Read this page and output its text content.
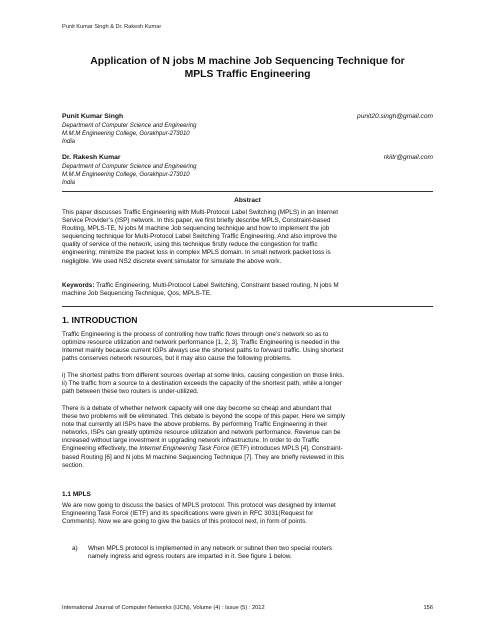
Punit Kumar Singh & Dr. Rakesh Kumar
Application of N jobs M machine Job Sequencing Technique for
MPLS Traffic Engineering
Punit Kumar Singh	punit20.singh@gmail.com
Department of Computer Science and Engineering
M.M.M Engineering College, Gorakhpur-273010
India
Dr. Rakesh Kumar	rkiitr@gmail.com
Department of Computer Science and Engineering
M.M.M Engineering College, Gorakhpur-273010
India
Abstract
This paper discusses Traffic Engineering with Multi-Protocol Label Switching (MPLS) in an Internet
Service Provider’s (ISP) network. In this paper, we first briefly describe MPLS, Constraint-based
Routing, MPLS-TE, N jobs M machine Job sequencing technique and how to implement the job
sequencing technique for Multi-Protocol Label Switching Traffic Engineering. And also improve the
quality of service of the network, using this technique firstly reduce the congestion for traffic
engineering; minimize the packet loss in complex MPLS domain. In small network packet loss is
negligible. We used NS2 discrete event simulator for simulate the above work.
Keywords: Traffic Engineering, Multi-Protocol Label Switching, Constraint based routing, N jobs M
machine Job Sequencing Technique, Qos, MPLS-TE.
1. INTRODUCTION
Traffic Engineering is the process of controlling how traffic flows through one’s network so as to
optimize resource utilization and network performance [1, 2, 3]. Traffic Engineering is needed in the
Internet mainly because current IGPs always use the shortest paths to forward traffic. Using shortest
paths conserves network resources, but it may also cause the following problems.
i) The shortest paths from different sources overlap at some links, causing congestion on those links.
ii) The traffic from a source to a destination exceeds the capacity of the shortest path, while a longer
path between these two routers is under-utilized.
There is a debate of whether network capacity will one day become so cheap and abundant that
these two problems will be eliminated. This debate is beyond the scope of this paper. Here we simply
note that currently all ISPs have the above problems. By performing Traffic Engineering in their
networks, ISPs can greatly optimize resource utilization and network performance. Revenue can be
increased without large investment in upgrading network infrastructure. In order to do Traffic
Engineering effectively, the Internet Engineering Task Force (IETF) introduces MPLS [4], Constraint-
based Routing [6] and N jobs M machine Sequencing Technique [7]. They are briefly reviewed in this
section.
1.1 MPLS
We are now going to discuss the basics of MPLS protocol. This protocol was designed by Internet
Engineering Task Force (IETF) and its specifications were given in RFC 3031(Request for
Comments). Now we are going to give the basics of this protocol next, in form of points.
a) When MPLS protocol is implemented in any network or subnet then two special routers
namely ingress and egress routers are imparted in it. See figure 1 below.
International Journal of Computer Networks (IJCN), Volume (4) : Issue (5) : 2012	156
